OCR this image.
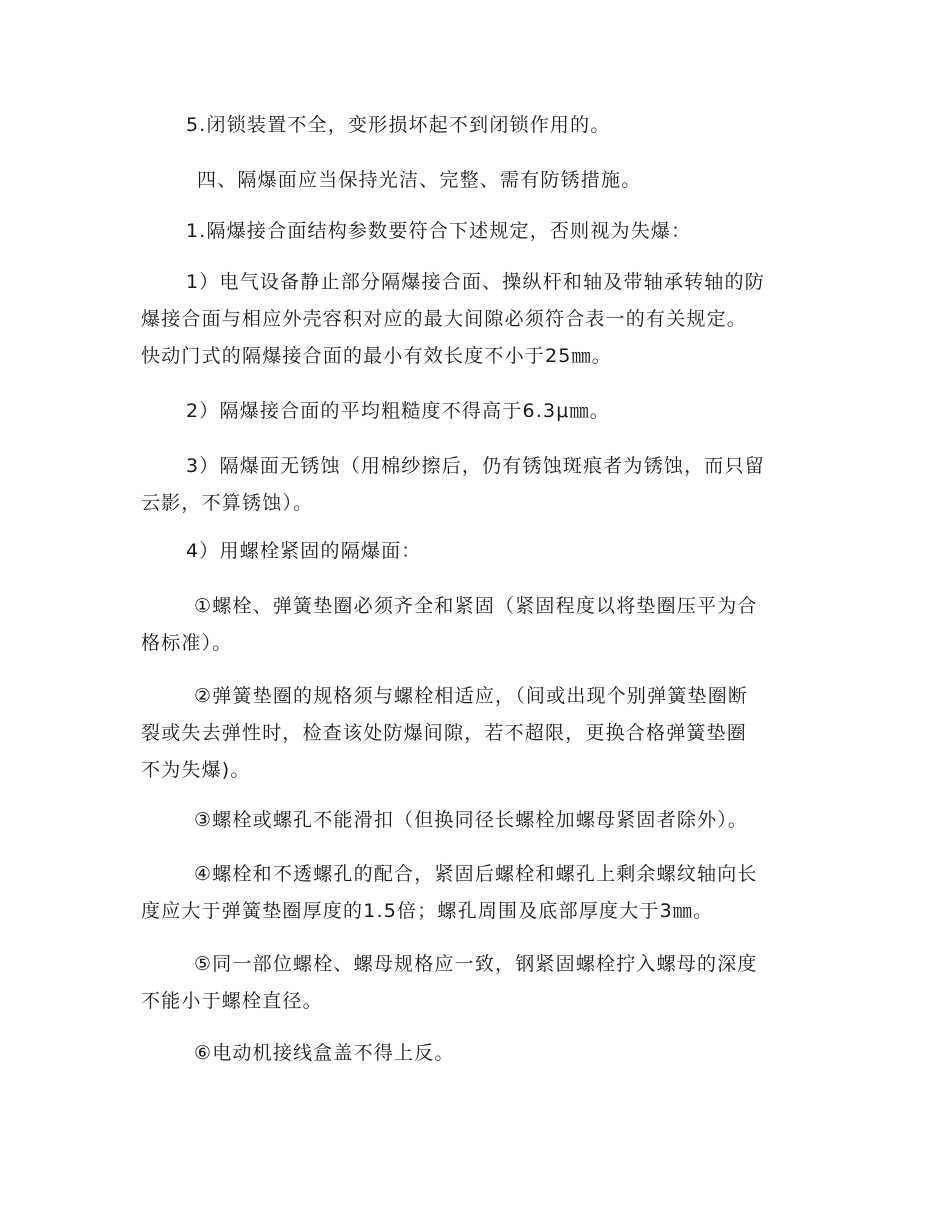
5.闭锁装置不全，变形损坏起不到闭锁作用的。

四、隔爆面应当保持光洁、完整、需有防锈措施。

1.隔爆接合面结构参数要符合下述规定，否则视为失爆：

1）电气设备静止部分隔爆接合面、操纵杆和轴及带轴承转轴的防
爆接合面与相应外壳容积对应的最大间隙必须符合表一的有关规定。
快动门式的隔爆接合面的最小有效长度不小于25㎜。

2）隔爆接合面的平均粗糙度不得高于6.3μ㎜。

3）隔爆面无锈蚀（用棉纱擦后，仍有锈蚀斑痕者为锈蚀，而只留
云影，不算锈蚀）。

4）用螺栓紧固的隔爆面：

①螺栓、弹簧垫圈必须齐全和紧固（紧固程度以将垫圈压平为合
格标准）。

②弹簧垫圈的规格须与螺栓相适应，（间或出现个别弹簧垫圈断
裂或失去弹性时，检查该处防爆间隙，若不超限，更换合格弹簧垫圈
不为失爆)。

③螺栓或螺孔不能滑扣（但换同径长螺栓加螺母紧固者除外）。

④螺栓和不透螺孔的配合，紧固后螺栓和螺孔上剩余螺纹轴向长
度应大于弹簧垫圈厚度的1.5倍；螺孔周围及底部厚度大于3㎜。

⑤同一部位螺栓、螺母规格应一致，钢紧固螺栓拧入螺母的深度
不能小于螺栓直径。

⑥电动机接线盒盖不得上反。
